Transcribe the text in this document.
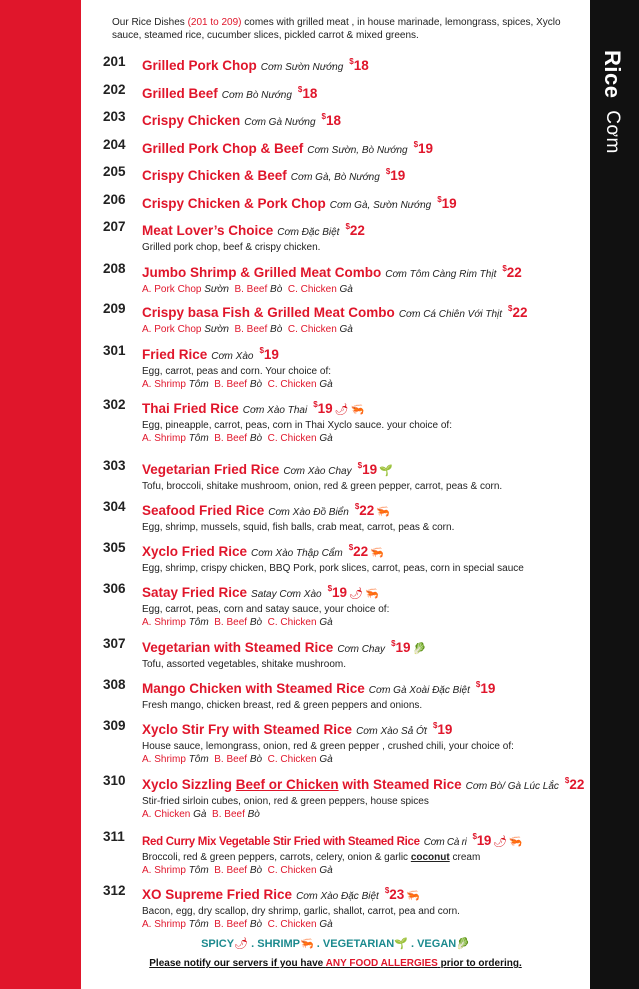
Rice Cơm
Our Rice Dishes (201 to 209) comes with grilled meat , in house marinade, lemongrass, spices, Xyclo sauce, steamed rice, cucumber slices, pickled carrot & mixed greens.
201 Grilled Pork Chop Cơm Sườn Nướng$18
202 Grilled Beef Cơm Bò Nướng$18
203 Crispy Chicken Cơm Gà Nướng$18
204 Grilled Pork Chop & Beef Cơm Sườn, Bò Nướng$19
205 Crispy Chicken & Beef Cơm Gà, Bò Nướng$19
206 Crispy Chicken & Pork Chop Cơm Gà, Sườn Nướng$19
207 Meat Lover’s Choice Cơm Đặc Biệt$22
Grilled pork chop, beef & crispy chicken.
208 Jumbo Shrimp & Grilled Meat Combo Cơm Tôm Càng Rim Thịt$22
A. Pork Chop Sườn B. Beef Bò C. Chicken Gà
209 Crispy basa Fish & Grilled Meat Combo Cơm Cá Chiên Với Thịt$22
A. Pork Chop Sườn B. Beef Bò C. Chicken Gà
301 Fried Rice Cơm Xào$19
Egg, carrot, peas and corn. Your choice of:
A. Shrimp Tôm B. Beef Bò C. Chicken Gà
302 Thai Fried Rice Cơm Xào Thai$19 🌶 🦐
Egg, pineapple, carrot, peas, corn in Thai Xyclo sauce. your choice of:
A. Shrimp Tôm B. Beef Bò C. Chicken Gà
303 Vegetarian Fried Rice Cơm Xào Chay$19 🌱
Tofu, broccoli, shitake mushroom, onion, red & green pepper, carrot, peas & corn.
304 Seafood Fried Rice Cơm Xào Đồ Biển$22 🦐
Egg, shrimp, mussels, squid, fish balls, crab meat, carrot, peas & corn.
305 Xyclo Fried Rice Cơm Xào Thập Cẩm$22 🦐
Egg, shrimp, crispy chicken, BBQ Pork, pork slices, carrot, peas, corn in special sauce
306 Satay Fried Rice Satay Cơm Xào$19 🌶 🦐
Egg, carrot, peas, corn and satay sauce, your choice of:
A. Shrimp Tôm B. Beef Bò C. Chicken Gà
307 Vegetarian with Steamed Rice Cơm Chay$19 🥬
Tofu, assorted vegetables, shitake mushroom.
308 Mango Chicken with Steamed Rice Cơm Gà Xoài Đặc Biệt$19
Fresh mango, chicken breast, red & green peppers and onions.
309 Xyclo Stir Fry with Steamed Rice Cơm Xào Sả Ớt$19
House sauce, lemongrass, onion, red & green pepper , crushed chili, your choice of:
A. Shrimp Tôm B. Beef Bò C. Chicken Gà
310 Xyclo Sizzling Beef or Chicken with Steamed Rice Cơm Bò/ Gà Lúc Lắc$22
Stir-fried sirloin cubes, onion, red & green peppers, house spices
A. Chicken Gà B. Beef Bò
311 Red Curry Mix Vegetable Stir Fried with Steamed Rice Cơm Cà ri$19 🌶 🦐
Broccoli, red & green peppers, carrots, celery, onion & garlic coconut cream
A. Shrimp Tôm B. Beef Bò C. Chicken Gà
312 XO Supreme Fried Rice Cơm Xào Đặc Biệt$23 🦐
Bacon, egg, dry scallop, dry shrimp, garlic, shallot, carrot, pea and corn.
A. Shrimp Tôm B. Beef Bò C. Chicken Gà
SPICY🌶 . SHRIMP🦐 . VEGETARIAN🌱 . VEGAN🥬
Please notify our servers if you have ANY FOOD ALLERGIES prior to ordering.
